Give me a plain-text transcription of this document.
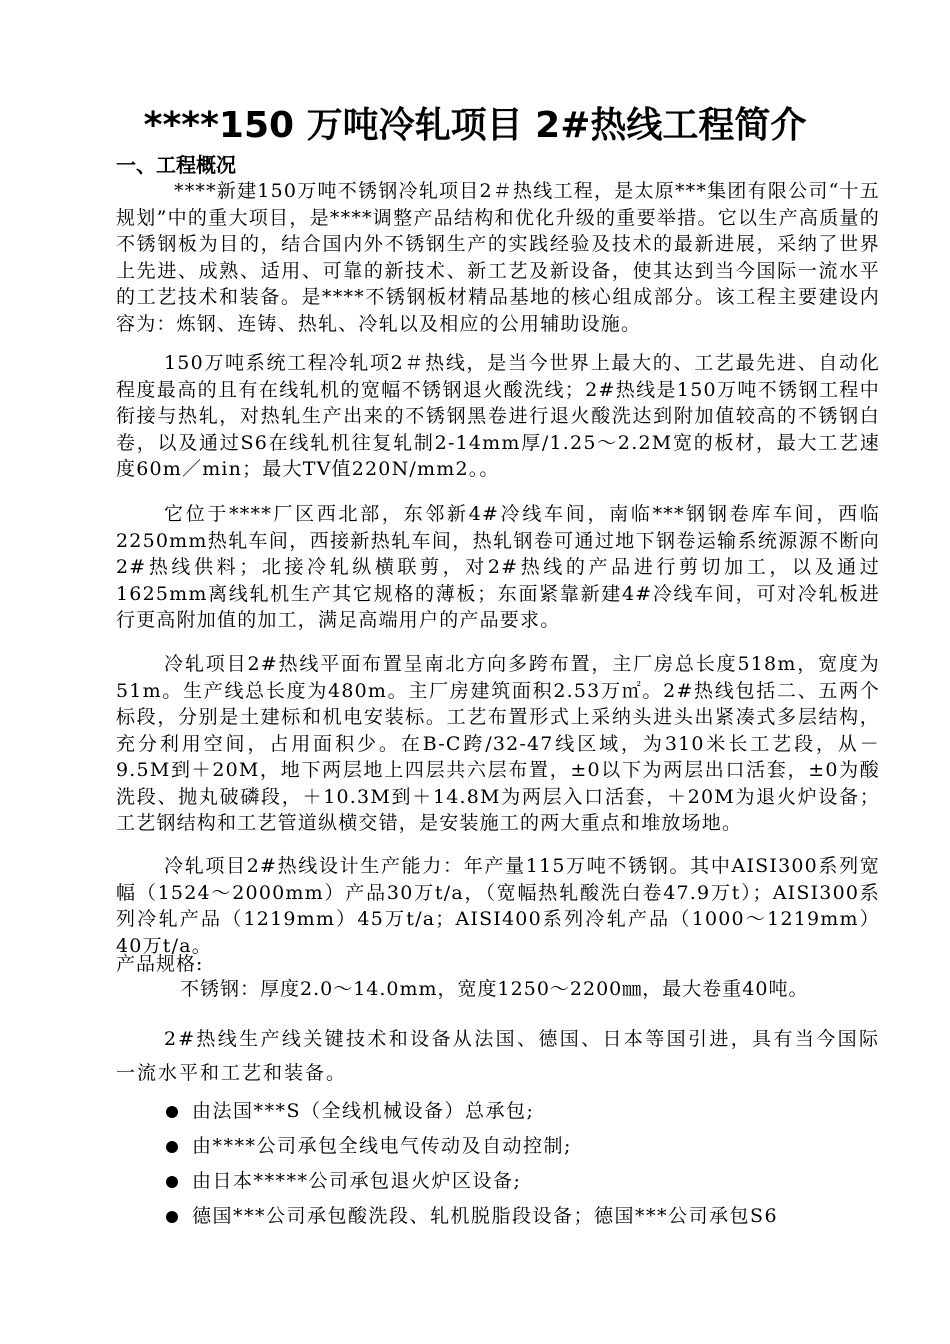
****150 万吨冷轧项目 2#热线工程简介
一、工程概况
****新建150万吨不锈钢冷轧项目2＃热线工程，是太原***集团有限公司“十五规划”中的重大项目，是****调整产品结构和优化升级的重要举措。它以生产高质量的不锈钢板为目的，结合国内外不锈钢生产的实践经验及技术的最新进展，采纳了世界上先进、成熟、适用、可靠的新技术、新工艺及新设备，使其达到当今国际一流水平的工艺技术和装备。是****不锈钢板材精品基地的核心组成部分。该工程主要建设内容为：炼钢、连铸、热轧、冷轧以及相应的公用辅助设施。
150万吨系统工程冷轧项2＃热线，是当今世界上最大的、工艺最先进、自动化程度最高的且有在线轧机的宽幅不锈钢退火酸洗线；2#热线是150万吨不锈钢工程中衔接与热轧，对热轧生产出来的不锈钢黑卷进行退火酸洗达到附加值较高的不锈钢白卷，以及通过S6在线轧机往复轧制2-14mm厚/1.25～2.2M宽的板材，最大工艺速度60m／min；最大TV值220N/mm2。。
它位于****厂区西北部，东邻新4#冷线车间，南临***钢钢卷库车间，西临2250mm热轧车间，西接新热轧车间，热轧钢卷可通过地下钢卷运输系统源源不断向2#热线供料；北接冷轧纵横联剪，对2#热线的产品进行剪切加工，以及通过1625mm离线轧机生产其它规格的薄板；东面紧靠新建4#冷线车间，可对冷轧板进行更高附加值的加工，满足高端用户的产品要求。
冷轧项目2#热线平面布置呈南北方向多跨布置，主厂房总长度518m，宽度为51m。生产线总长度为480m。主厂房建筑面积2.53万㎡。2#热线包括二、五两个标段，分别是土建标和机电安装标。工艺布置形式上采纳头进头出紧凑式多层结构，充分利用空间，占用面积少。在B-C跨/32-47线区域，为310米长工艺段，从－9.5M到＋20M，地下两层地上四层共六层布置，±0以下为两层出口活套，±0为酸洗段、抛丸破磷段，＋10.3M到＋14.8M为两层入口活套，＋20M为退火炉设备；工艺钢结构和工艺管道纵横交错，是安装施工的两大重点和堆放场地。
冷轧项目2#热线设计生产能力：年产量115万吨不锈钢。其中AISI300系列宽幅（1524～2000mm）产品30万t/a，（宽幅热轧酸洗白卷47.9万t）；AISI300系列冷轧产品（1219mm）45万t/a；AISI400系列冷轧产品（1000～1219mm）40万t/a。
产品规格:
不锈钢：厚度2.0～14.0mm，宽度1250～2200㎜，最大卷重40吨。
2#热线生产线关键技术和设备从法国、德国、日本等国引进，具有当今国际一流水平和工艺和装备。
由法国***S（全线机械设备）总承包;
由****公司承包全线电气传动及自动控制;
由日本*****公司承包退火炉区设备;
德国***公司承包酸洗段、轧机脱脂段设备；德国***公司承包S6
